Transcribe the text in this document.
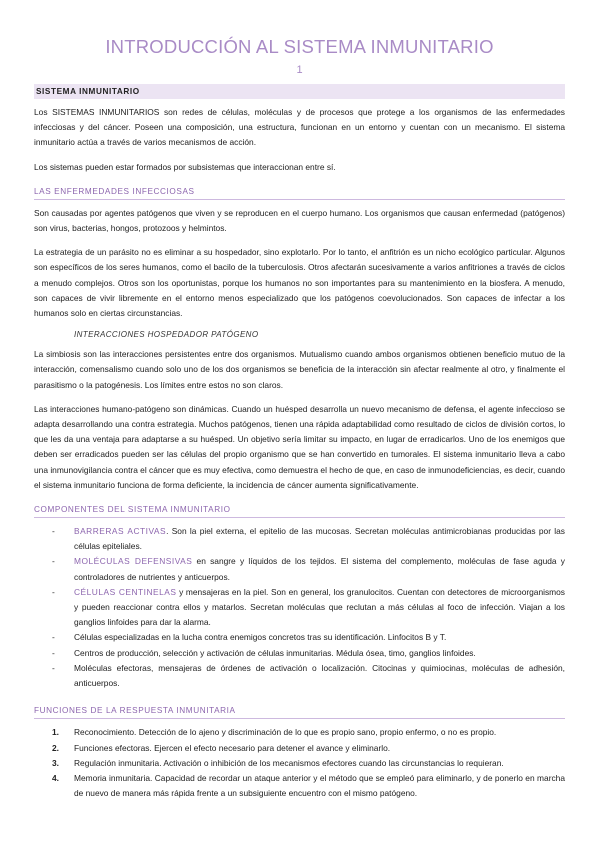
INTRODUCCIÓN AL SISTEMA INMUNITARIO
1
SISTEMA INMUNITARIO

Los SISTEMAS INMUNITARIOS son redes de células, moléculas y de procesos que protege a los organismos de las enfermedades infecciosas y del cáncer. Poseen una composición, una estructura, funcionan en un entorno y cuentan con un mecanismo. El sistema inmunitario actúa a través de varios mecanismos de acción.

Los sistemas pueden estar formados por subsistemas que interaccionan entre sí.

LAS ENFERMEDADES INFECCIOSAS

Son causadas por agentes patógenos que viven y se reproducen en el cuerpo humano. Los organismos que causan enfermedad (patógenos) son virus, bacterias, hongos, protozoos y helmintos.

La estrategia de un parásito no es eliminar a su hospedador, sino explotarlo. Por lo tanto, el anfitrión es un nicho ecológico particular. Algunos son específicos de los seres humanos, como el bacilo de la tuberculosis. Otros afectarán sucesivamente a varios anfitriones a través de ciclos a menudo complejos. Otros son los oportunistas, porque los humanos no son importantes para su mantenimiento en la biosfera. A menudo, son capaces de vivir libremente en el entorno menos especializado que los patógenos coevolucionados. Son capaces de infectar a los humanos solo en ciertas circunstancias.

INTERACCIONES HOSPEDADOR PATÓGENO

La simbiosis son las interacciones persistentes entre dos organismos. Mutualismo cuando ambos organismos obtienen beneficio mutuo de la interacción, comensalismo cuando solo uno de los dos organismos se beneficia de la interacción sin afectar realmente al otro, y finalmente el parasitismo o la patogénesis. Los límites entre estos no son claros.

Las interacciones humano-patógeno son dinámicas. Cuando un huésped desarrolla un nuevo mecanismo de defensa, el agente infeccioso se adapta desarrollando una contra estrategia. Muchos patógenos, tienen una rápida adaptabilidad como resultado de ciclos de división cortos, lo que les da una ventaja para adaptarse a su huésped. Un objetivo sería limitar su impacto, en lugar de erradicarlos. Uno de los enemigos que deben ser erradicados pueden ser las células del propio organismo que se han convertido en tumorales. El sistema inmunitario lleva a cabo una inmunovigilancia contra el cáncer que es muy efectiva, como demuestra el hecho de que, en caso de inmunodeficiencias, es decir, cuando el sistema inmunitario funciona de forma deficiente, la incidencia de cáncer aumenta significativamente.

COMPONENTES DEL SISTEMA INMUNITARIO
- BARRERAS ACTIVAS. Son la piel externa, el epitelio de las mucosas. Secretan moléculas antimicrobianas producidas por las células epiteliales.
- MOLÉCULAS DEFENSIVAS en sangre y líquidos de los tejidos. El sistema del complemento, moléculas de fase aguda y controladores de nutrientes y anticuerpos.
- CÉLULAS CENTINELAS y mensajeras en la piel. Son en general, los granulocitos. Cuentan con detectores de microorganismos y pueden reaccionar contra ellos y matarlos. Secretan moléculas que reclutan a más células al foco de infección. Viajan a los ganglios linfoides para dar la alarma.
- Células especializadas en la lucha contra enemigos concretos tras su identificación. Linfocitos B y T.
- Centros de producción, selección y activación de células inmunitarias. Médula ósea, timo, ganglios linfoides.
- Moléculas efectoras, mensajeras de órdenes de activación o localización. Citocinas y quimiocinas, moléculas de adhesión, anticuerpos.
FUNCIONES DE LA RESPUESTA INMUNITARIA
1. Reconocimiento. Detección de lo ajeno y discriminación de lo que es propio sano, propio enfermo, o no es propio.
2. Funciones efectoras. Ejercen el efecto necesario para detener el avance y eliminarlo.
3. Regulación inmunitaria. Activación o inhibición de los mecanismos efectores cuando las circunstancias lo requieran.
4. Memoria inmunitaria. Capacidad de recordar un ataque anterior y el método que se empleó para eliminarlo, y de ponerlo en marcha de nuevo de manera más rápida frente a un subsiguiente encuentro con el mismo patógeno.
